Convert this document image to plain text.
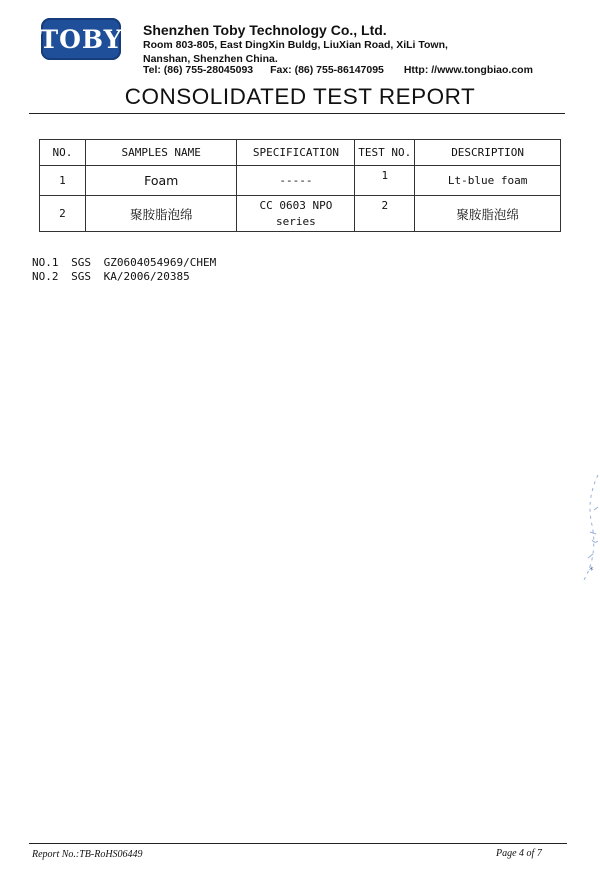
TOBY Shenzhen Toby Technology Co., Ltd.
Room 803-805, East DingXin Buldg, LiuXian Road, XiLi Town,
Nanshan, Shenzhen China.
Tel: (86) 755-28045093 Fax: (86) 755-86147095 Http: //www.tongbiao.com
CONSOLIDATED TEST REPORT
NO.	SAMPLES NAME	SPECIFICATION	TEST NO.	DESCRIPTION
1	Foam	-----	1	Lt-blue foam
2	聚胺脂泡绵	CC 0603 NPO series	2	聚胺脂泡绵
NO.1 SGS GZ0604054969/CHEM
NO.2 SGS KA/2006/20385
*
Report No.:TB-RoHS06449	Page 4 of 7
